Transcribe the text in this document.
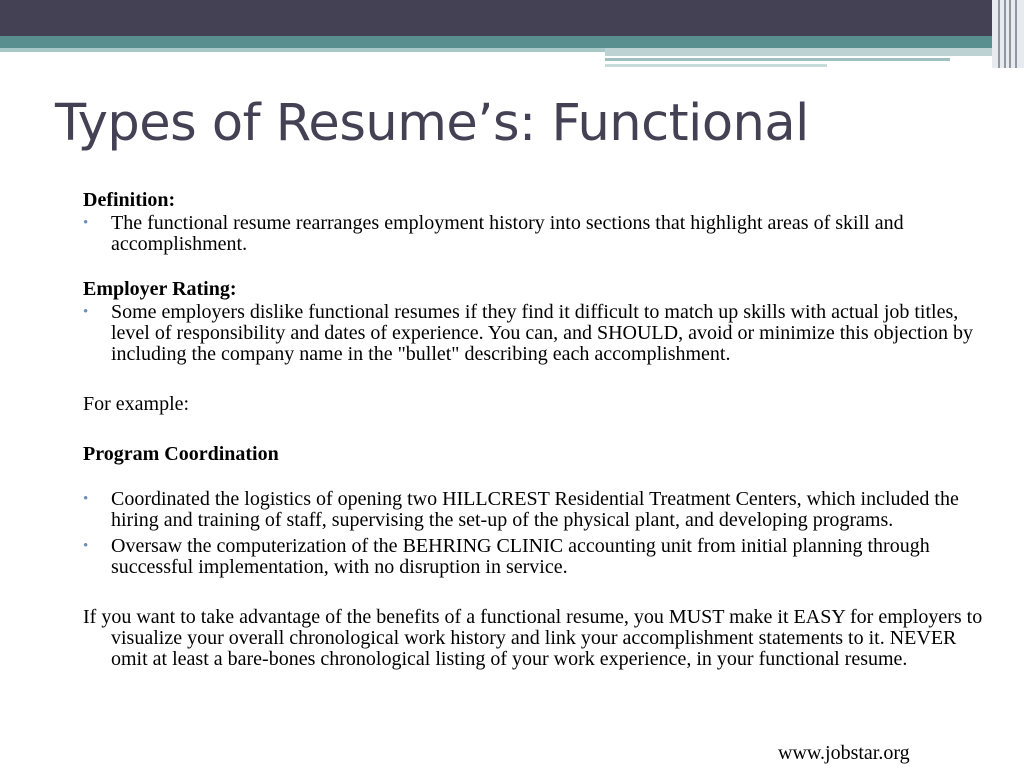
Types of Resume’s: Functional

Definition:

• The functional resume rearranges employment history into sections that highlight areas of skill and accomplishment.

Employer Rating:

• Some employers dislike functional resumes if they find it difficult to match up skills with actual job titles, level of responsibility and dates of experience. You can, and SHOULD, avoid or minimize this objection by including the company name in the "bullet" describing each accomplishment.

For example:

Program Coordination

• Coordinated the logistics of opening two HILLCREST Residential Treatment Centers, which included the hiring and training of staff, supervising the set-up of the physical plant, and developing programs.
• Oversaw the computerization of the BEHRING CLINIC accounting unit from initial planning through successful implementation, with no disruption in service.

If you want to take advantage of the benefits of a functional resume, you MUST make it EASY for employers to visualize your overall chronological work history and link your accomplishment statements to it. NEVER omit at least a bare-bones chronological listing of your work experience, in your functional resume.

www.jobstar.org
